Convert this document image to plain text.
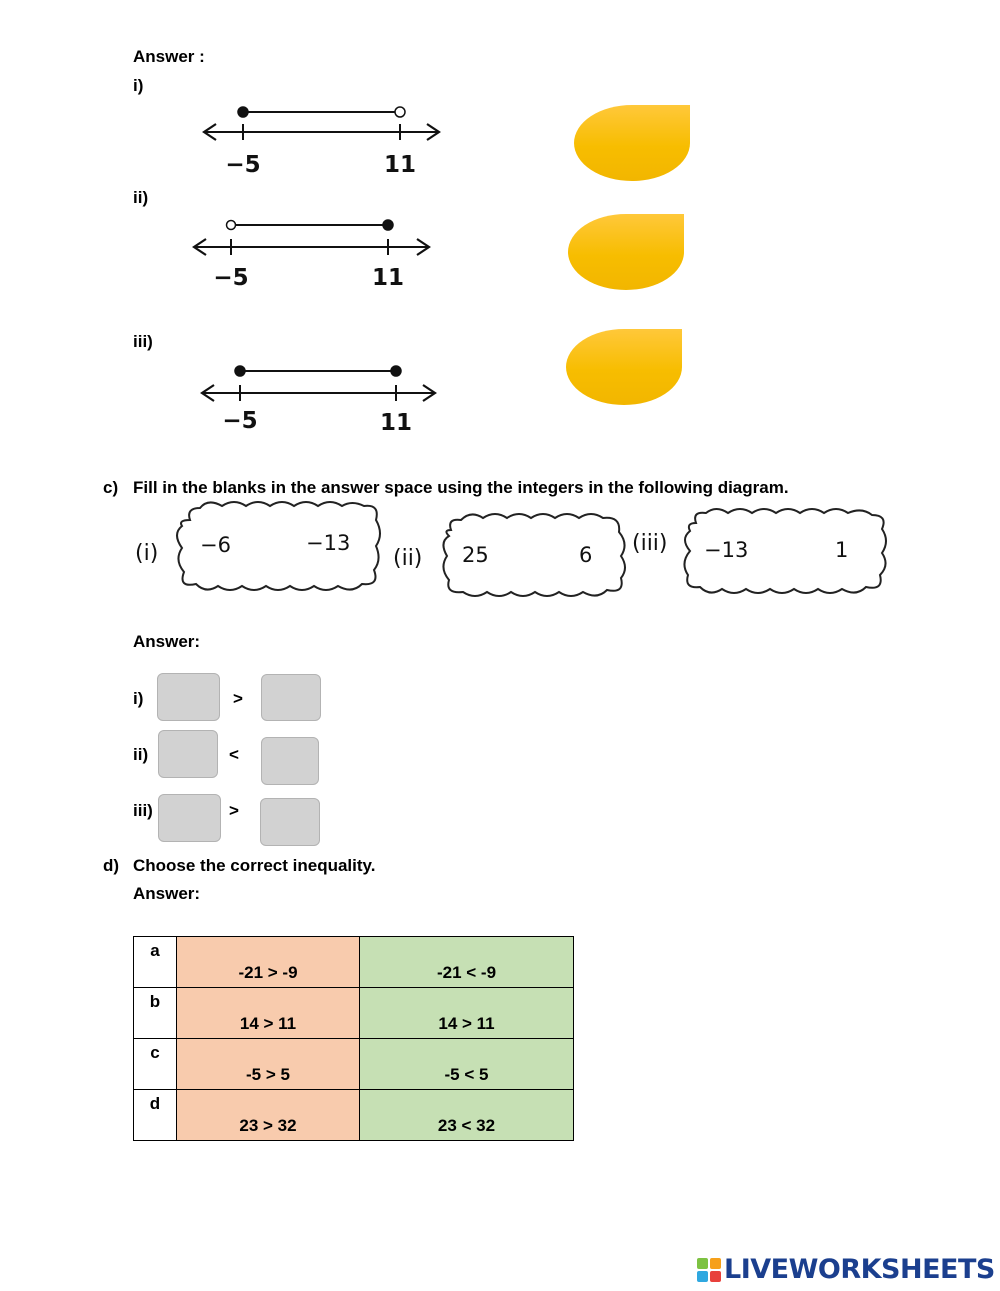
Answer :
i)
ii)
iii)
−5	11
−5	11
−5	11
c) Fill in the blanks in the answer space using the integers in the following diagram.
(i) −6	−13
(ii) 25	6 (iii) −13	1
Answer:
i)	>
ii)	<
iii)	>
d) Choose the correct inequality.
Answer:
a	-21 > -9	-21 < -9
b	14 > 11	14 > 11
c	-5 > 5	-5 < 5
d	23 > 32	23 < 32
LIVEWORKSHEETS
